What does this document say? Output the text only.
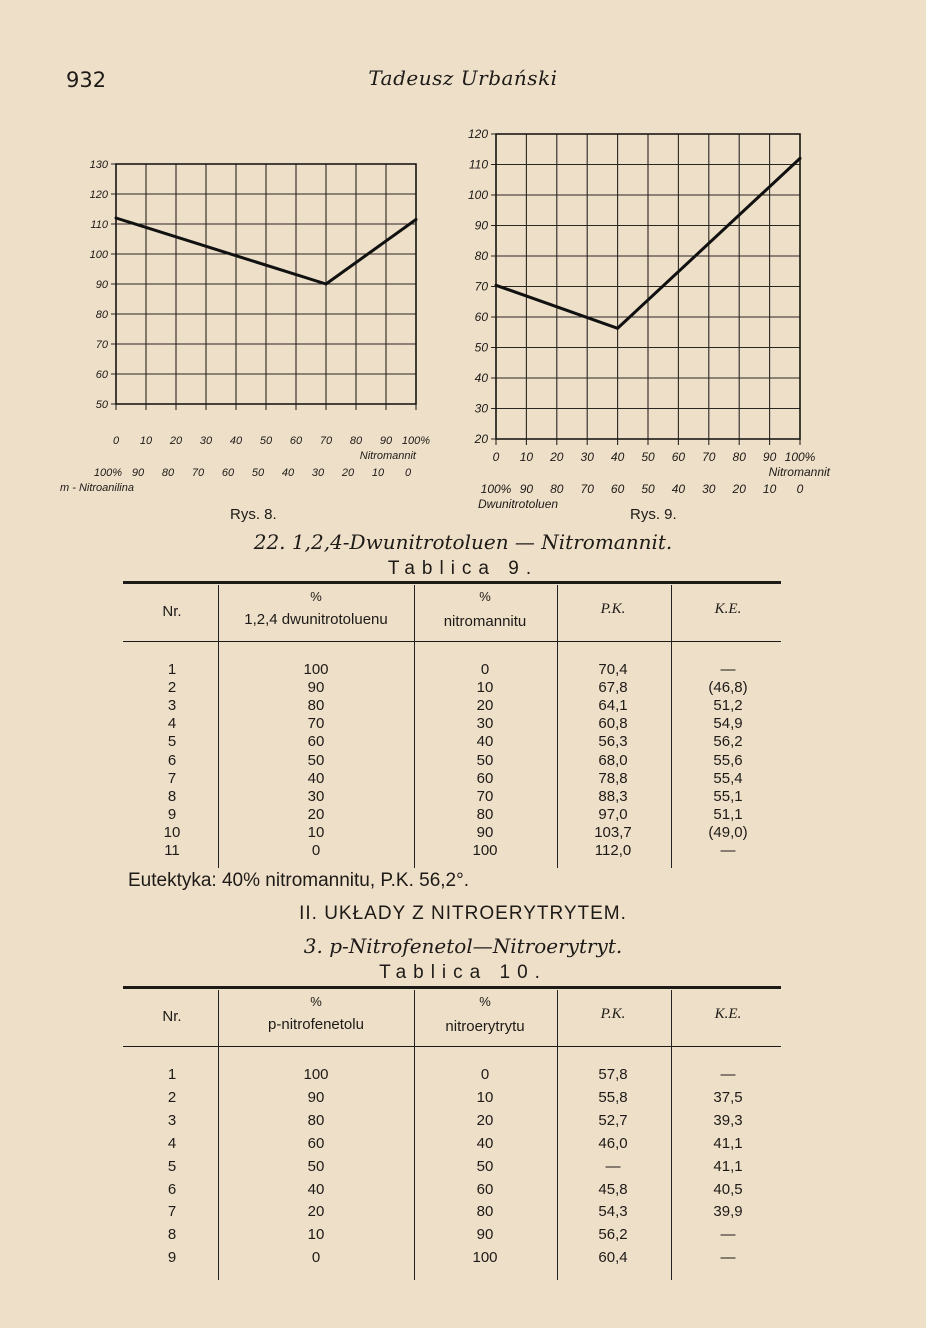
932	Tadeusz Urbański
130
120
110
100
90
80
70
60
50
0 10 20 30 40 50 60 70 80 90 100%
Nitromannit
100% 90 80 70 60 50 40 30 20 10 0
m - Nitroanilina
120
110
100
90
80
70
60
50
40
30
20
0 10 20 30 40 50 60 70 80 90 100%
Nitromannit
100% 90 80 70 60 50 40 30 20 10 0
Dwunitrotoluen
Rys. 8.	Rys. 9.
22. 1,2,4-Dwunitrotoluen — Nitromannit.
Tablica 9.
Nr.
%
1,2,4 dwunitrotoluenu
%
nitromannitu
P.K.	K.E.
1	100	0	70,4	—
2	90	10	67,8	(46,8)
3	80	20	64,1	51,2
4	70	30	60,8	54,9
5	60	40	56,3	56,2
6	50	50	68,0	55,6
7	40	60	78,8	55,4
8	30	70	88,3	55,1
9	20	80	97,0	51,1
10	10	90	103,7	(49,0)
11	0	100	112,0	—
Eutektyka: 40% nitromannitu, P.K. 56,2°.
II. UKŁADY Z NITROERYTRYTEM.
3. p-Nitrofenetol—Nitroerytryt.
Tablica 10.
Nr.
%
p-nitrofenetolu
%
nitroerytrytu
P.K.	K.E.
1	100	0	57,8	—
2	90	10	55,8	37,5
3	80	20	52,7	39,3
4	60	40	46,0	41,1
5	50	50	—	41,1
6	40	60	45,8	40,5
7	20	80	54,3	39,9
8	10	90	56,2	—
9	0	100	60,4	—
